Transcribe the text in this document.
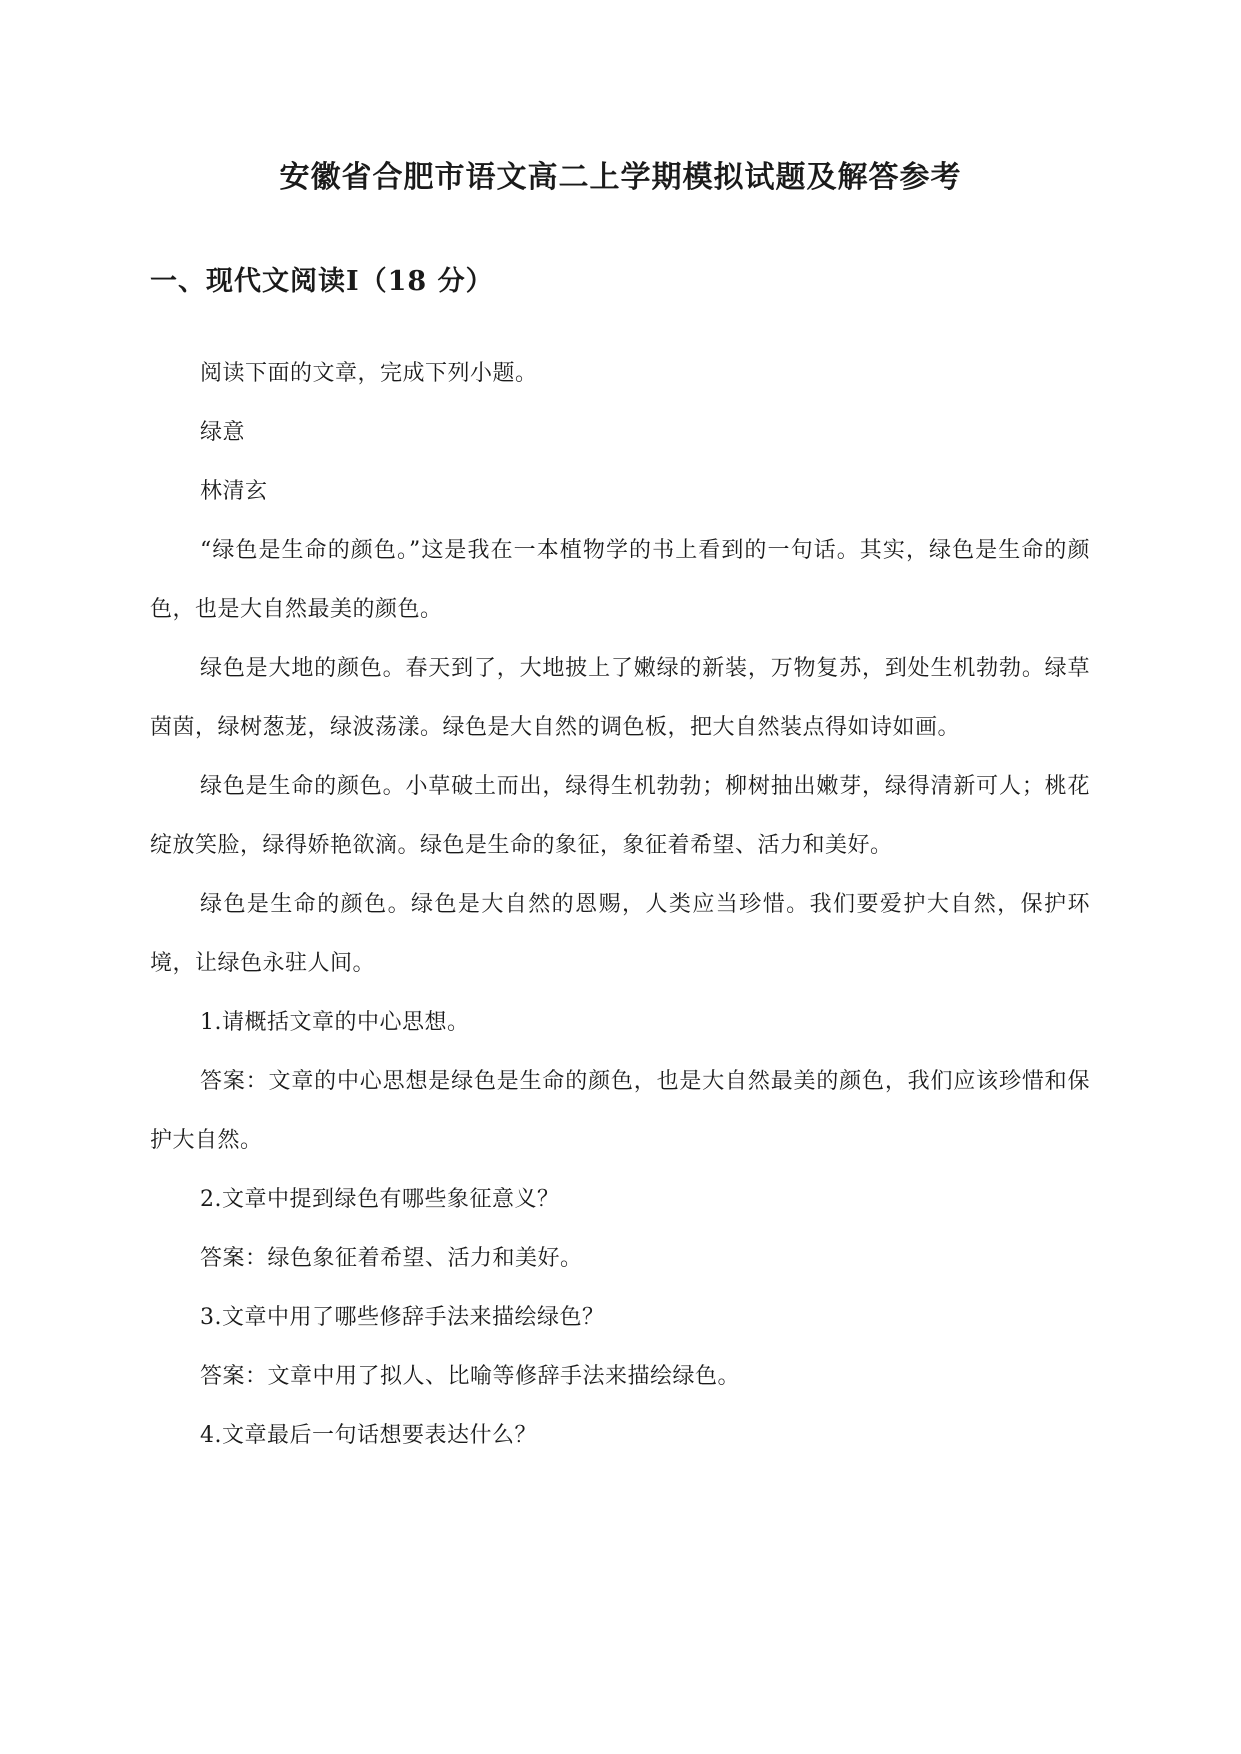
安徽省合肥市语文高二上学期模拟试题及解答参考
一、现代文阅读Ⅰ（18 分）

阅读下面的文章，完成下列小题。

绿意

林清玄

“绿色是生命的颜色。”这是我在一本植物学的书上看到的一句话。其实，绿色是生命的颜色，也是大自然最美的颜色。

绿色是大地的颜色。春天到了，大地披上了嫩绿的新装，万物复苏，到处生机勃勃。绿草茵茵，绿树葱茏，绿波荡漾。绿色是大自然的调色板，把大自然装点得如诗如画。

绿色是生命的颜色。小草破土而出，绿得生机勃勃；柳树抽出嫩芽，绿得清新可人；桃花绽放笑脸，绿得娇艳欲滴。绿色是生命的象征，象征着希望、活力和美好。

绿色是生命的颜色。绿色是大自然的恩赐，人类应当珍惜。我们要爱护大自然，保护环境，让绿色永驻人间。

1.请概括文章的中心思想。

答案：文章的中心思想是绿色是生命的颜色，也是大自然最美的颜色，我们应该珍惜和保护大自然。

2.文章中提到绿色有哪些象征意义？

答案：绿色象征着希望、活力和美好。

3.文章中用了哪些修辞手法来描绘绿色？

答案：文章中用了拟人、比喻等修辞手法来描绘绿色。

4.文章最后一句话想要表达什么？
